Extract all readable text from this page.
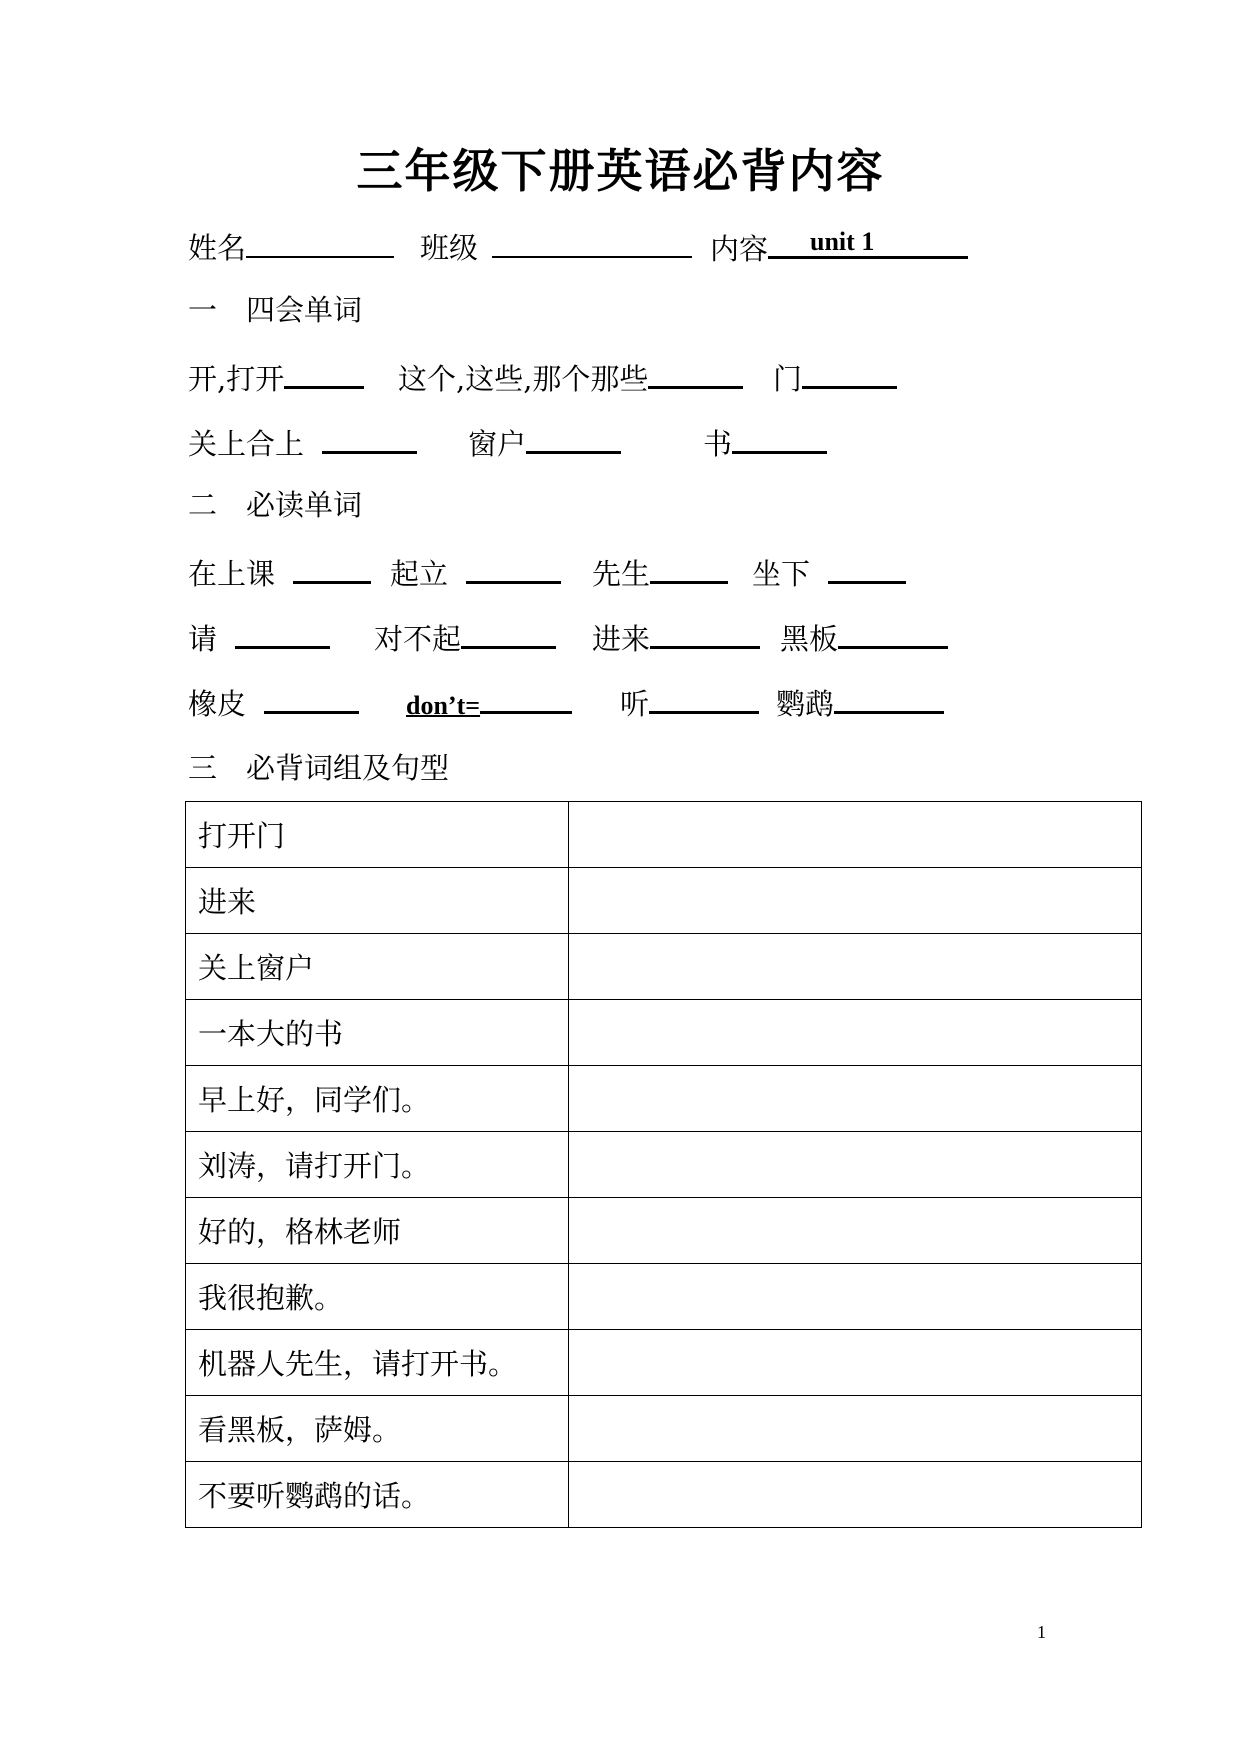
三年级下册英语必背内容
姓名	班级	内容 unit 1
一 四会单词
开,打开	这个,这些,那个那些	门
关上合上	窗户	书
二 必读单词
在上课	起立	先生	坐下
请	对不起	进来	黑板
橡皮	don’t=	听	鹦鹉
三 必背词组及句型
打开门	
进来	
关上窗户	
一本大的书	
早上好，同学们。	
刘涛，请打开门。	
好的，格林老师	
我很抱歉。	
机器人先生，请打开书。	
看黑板，萨姆。	
不要听鹦鹉的话。	
1
